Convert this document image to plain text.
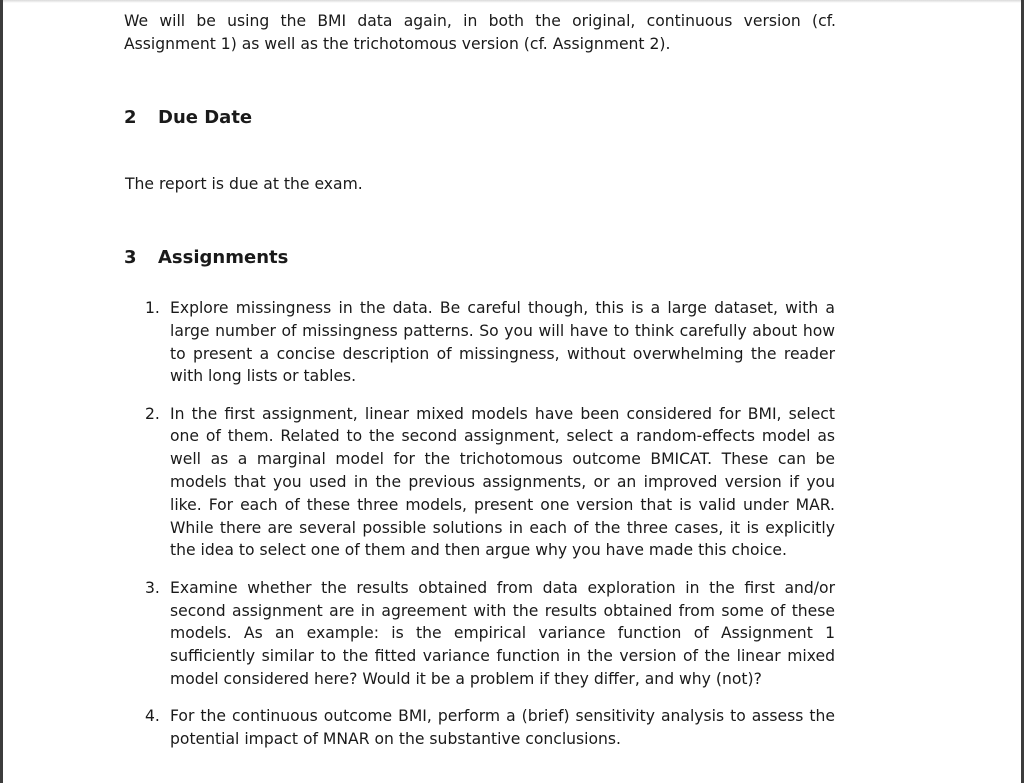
We will be using the BMI data again, in both the original, continuous version (cf. Assignment 1) as well as the trichotomous version (cf. Assignment 2).

2 Due Date
The report is due at the exam.
3 Assignments
1. Explore missingness in the data. Be careful though, this is a large dataset, with a large number of missingness patterns. So you will have to think carefully about how to present a concise description of missingness, without overwhelming the reader with long lists or tables.
2. In the first assignment, linear mixed models have been considered for BMI, select one of them. Related to the second assignment, select a random-effects model as well as a marginal model for the trichotomous outcome BMICAT. These can be models that you used in the previous assignments, or an improved version if you like. For each of these three models, present one version that is valid under MAR. While there are several possible solutions in each of the three cases, it is explicitly the idea to select one of them and then argue why you have made this choice.
3. Examine whether the results obtained from data exploration in the first and/or second assignment are in agreement with the results obtained from some of these models. As an example: is the empirical variance function of Assignment 1 sufficiently similar to the fitted variance function in the version of the linear mixed model considered here? Would it be a problem if they differ, and why (not)?
4. For the continuous outcome BMI, perform a (brief) sensitivity analysis to assess the potential impact of MNAR on the substantive conclusions.
